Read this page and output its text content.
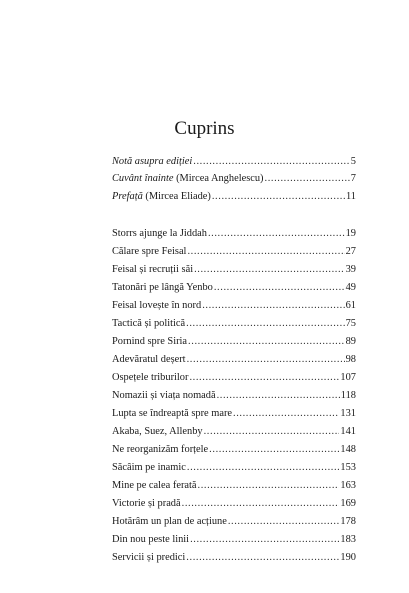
Cuprins
Notă asupra ediției .....	5
Cuvânt înainte (Mircea Anghelescu) .....	7
Prefață (Mircea Eliade) .....	11
Storrs ajunge la Jiddah .....	19
Călare spre Feisal .....	27
Feisal și recruții săi .....	39
Tatonări pe lângă Yenbo .....	49
Feisal lovește în nord .....	61
Tactică și politică .....	75
Pornind spre Siria .....	89
Adevăratul deșert .....	98
Ospețele triburilor .....	107
Nomazii și viața nomadă .....	118
Lupta se îndreaptă spre mare .....	131
Akaba, Suez, Allenby .....	141
Ne reorganizăm forțele .....	148
Săcâim pe inamic .....	153
Mine pe calea ferată .....	163
Victorie și pradă .....	169
Hotărâm un plan de acțiune .....	178
Din nou peste linii .....	183
Servicii și predici .....	190
